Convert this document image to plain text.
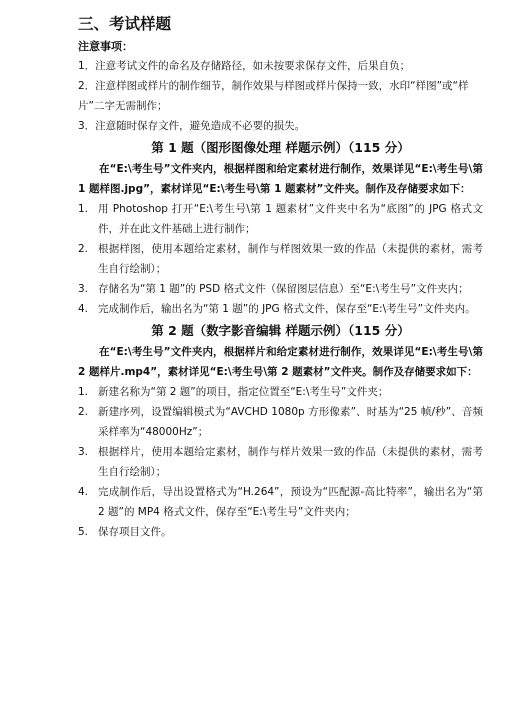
三、考试样题
注意事项：
1．注意考试文件的命名及存储路径，如未按要求保存文件，后果自负；
2．注意样图或样片的制作细节，制作效果与样图或样片保持一致，水印“样图”或“样片”二字无需制作；
3．注意随时保存文件，避免造成不必要的损失。
第 1 题（图形图像处理 样题示例）（115 分）
在“E:\考生号”文件夹内，根据样图和给定素材进行制作，效果详见“E:\考生号\第 1 题样图.jpg”，素材详见“E:\考生号\第 1 题素材”文件夹。制作及存储要求如下：
1. 用 Photoshop 打开“E:\考生号\第 1 题素材”文件夹中名为“底图”的 JPG 格式文件，并在此文件基础上进行制作；
2. 根据样图，使用本题给定素材，制作与样图效果一致的作品（未提供的素材，需考生自行绘制）；
3. 存储名为“第 1 题”的 PSD 格式文件（保留图层信息）至“E:\考生号”文件夹内；
4. 完成制作后，输出名为“第 1 题”的 JPG 格式文件，保存至“E:\考生号”文件夹内。
第 2 题（数字影音编辑 样题示例）（115 分）
在“E:\考生号”文件夹内，根据样片和给定素材进行制作，效果详见“E:\考生号\第 2 题样片.mp4”，素材详见“E:\考生号\第 2 题素材”文件夹。制作及存储要求如下：
1. 新建名称为“第 2 题”的项目，指定位置至“E:\考生号”文件夹；
2. 新建序列，设置编辑模式为“AVCHD 1080p 方形像素”、时基为“25 帧/秒”、音频采样率为“48000Hz”；
3. 根据样片，使用本题给定素材，制作与样片效果一致的作品（未提供的素材，需考生自行绘制）；
4. 完成制作后，导出设置格式为“H.264”，预设为“匹配源-高比特率”，输出名为“第 2 题”的 MP4 格式文件，保存至“E:\考生号”文件夹内；
5. 保存项目文件。
